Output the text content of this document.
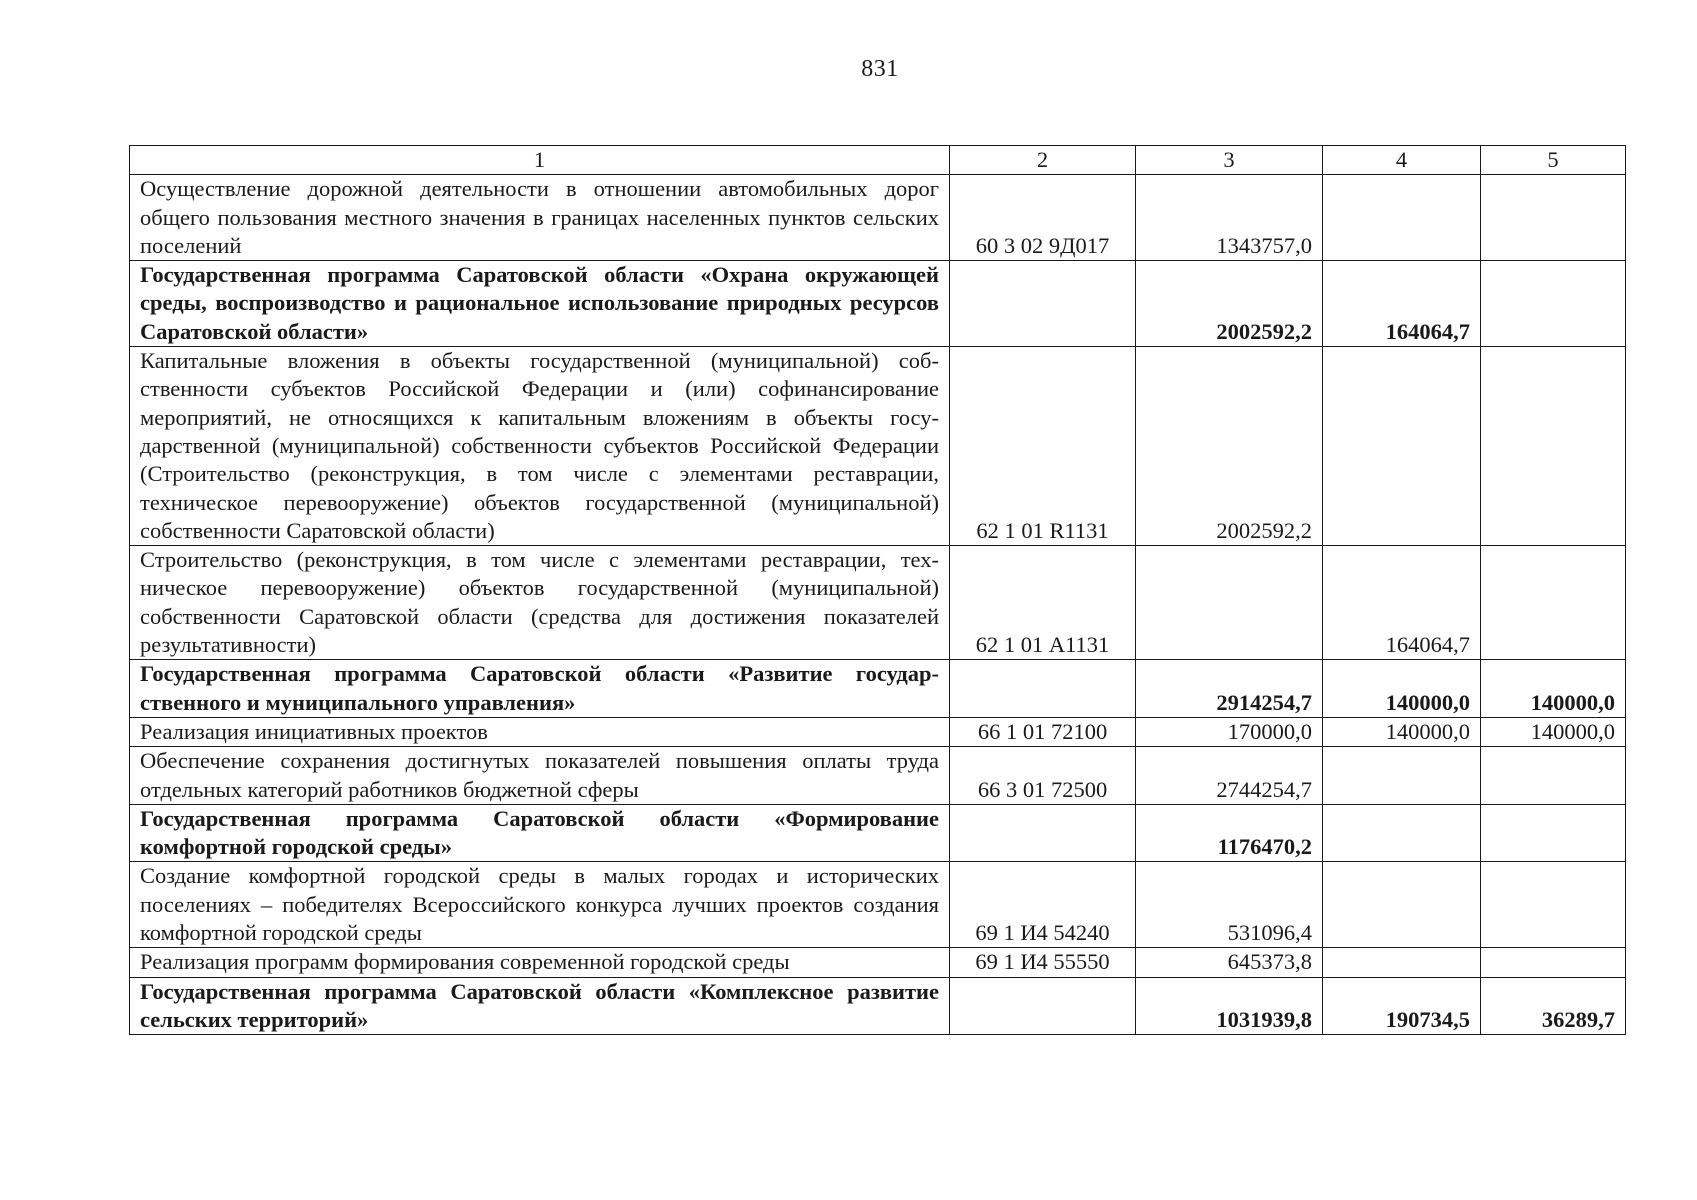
831
1	2	3	4	5
Осуществление дорожной деятельности в отношении автомобильных дорог общего пользования местного значения в границах населенных пунктов сельских поселений	60 3 02 9Д017	1343757,0		
Государственная программа Саратовской области «Охрана окружающей среды, воспроизводство и рациональное использование природных ресурсов Саратовской области»		2002592,2	164064,7	
Капитальные вложения в объекты государственной (муниципальной) собственности субъектов Российской Федерации и (или) софинансирование мероприятий, не относящихся к капитальным вложениям в объекты государственной (муниципальной) собственности субъектов Российской Федерации (Строительство (реконструкция, в том числе с элементами реставрации, техническое перевооружение) объектов государственной (муниципальной) собственности Саратовской области)	62 1 01 R1131	2002592,2		
Строительство (реконструкция, в том числе с элементами реставрации, техническое перевооружение) объектов государственной (муниципальной) собственности Саратовской области (средства для достижения показателей результативности)	62 1 01 А1131		164064,7	
Государственная программа Саратовской области «Развитие государственного и муниципального управления»		2914254,7	140000,0	140000,0
Реализация инициативных проектов	66 1 01 72100	170000,0	140000,0	140000,0
Обеспечение сохранения достигнутых показателей повышения оплаты труда отдельных категорий работников бюджетной сферы	66 3 01 72500	2744254,7		
Государственная программа Саратовской области «Формирование комфортной городской среды»		1176470,2		
Создание комфортной городской среды в малых городах и исторических поселениях – победителях Всероссийского конкурса лучших проектов создания комфортной городской среды	69 1 И4 54240	531096,4		
Реализация программ формирования современной городской среды	69 1 И4 55550	645373,8		
Государственная программа Саратовской области «Комплексное развитие сельских территорий»		1031939,8	190734,5	36289,7
